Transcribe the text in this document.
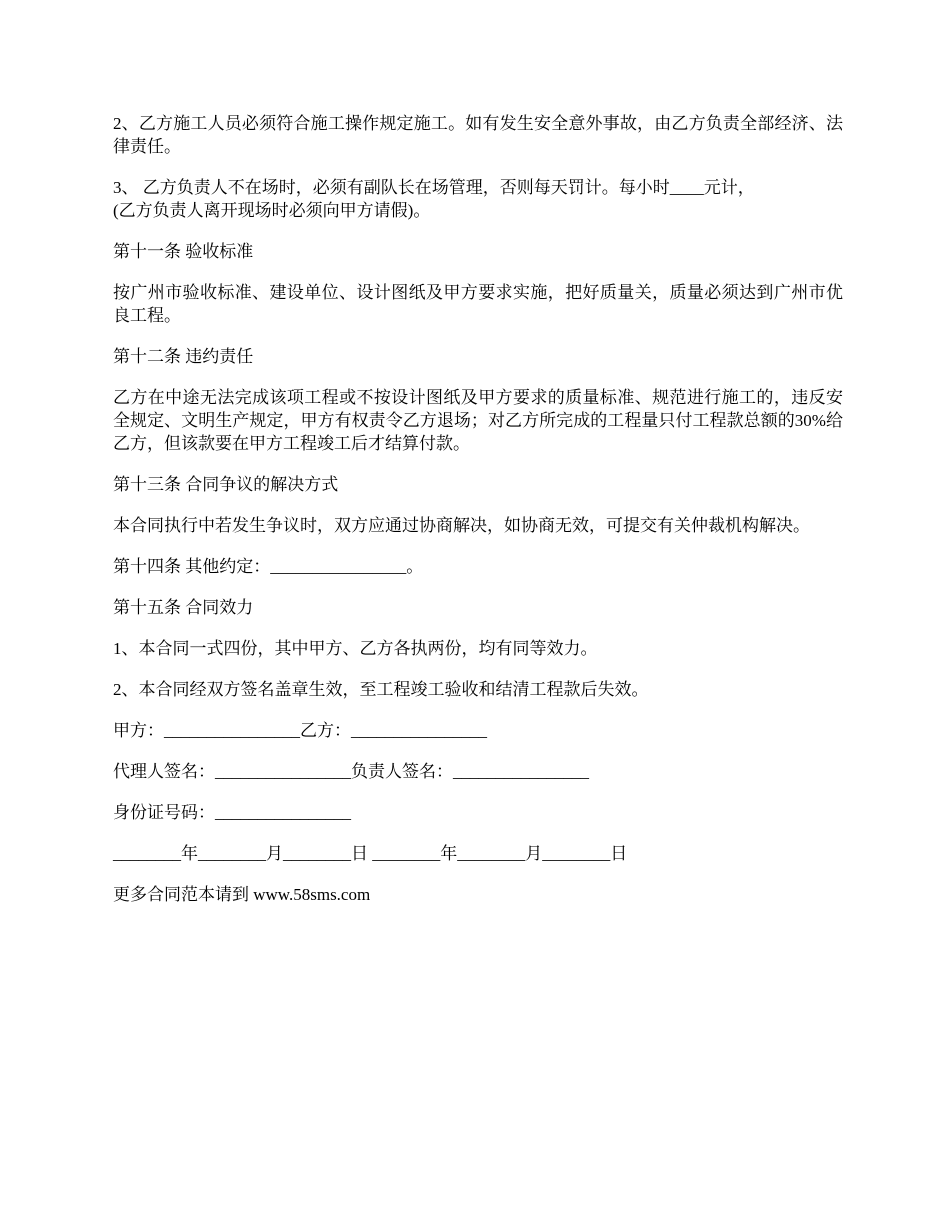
2、乙方施工人员必须符合施工操作规定施工。如有发生安全意外事故，由乙方负责全部经济、法律责任。

3、 乙方负责人不在场时，必须有副队长在场管理，否则每天罚计。每小时____元计，
(乙方负责人离开现场时必须向甲方请假)。

第十一条 验收标准

按广州市验收标准、建设单位、设计图纸及甲方要求实施，把好质量关，质量必须达到广州市优良工程。

第十二条 违约责任

乙方在中途无法完成该项工程或不按设计图纸及甲方要求的质量标准、规范进行施工的，违反安全规定、文明生产规定，甲方有权责令乙方退场；对乙方所完成的工程量只付工程款总额的30%给乙方，但该款要在甲方工程竣工后才结算付款。

第十三条 合同争议的解决方式

本合同执行中若发生争议时，双方应通过协商解决，如协商无效，可提交有关仲裁机构解决。

第十四条 其他约定：________________。

第十五条 合同效力

1、本合同一式四份，其中甲方、乙方各执两份，均有同等效力。

2、本合同经双方签名盖章生效，至工程竣工验收和结清工程款后失效。

甲方：________________乙方：________________

代理人签名：________________负责人签名：________________

身份证号码：________________

________年________月________日 ________年________月________日

更多合同范本请到 www.58sms.com
